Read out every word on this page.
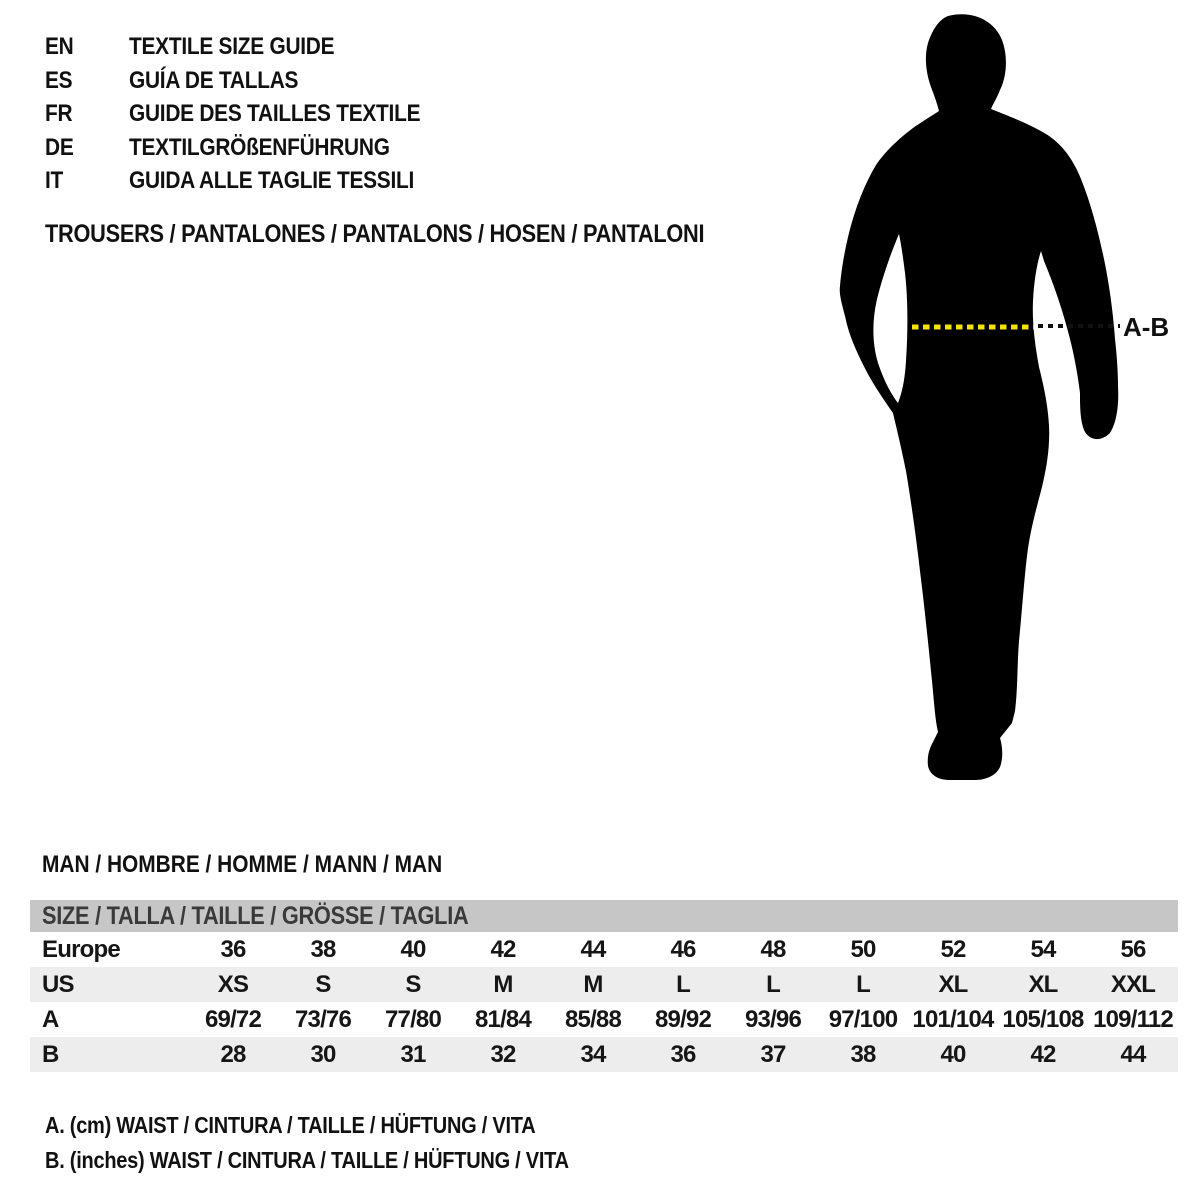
EN	TEXTILE SIZE GUIDE
ES	GUÍA DE TALLAS
FR	GUIDE DES TAILLES TEXTILE
DE	TEXTILGRÖßENFÜHRUNG
IT	GUIDA ALLE TAGLIE TESSILI
TROUSERS / PANTALONES / PANTALONS / HOSEN / PANTALONI
A-B
MAN / HOMBRE / HOMME / MANN / MAN
SIZE / TALLA / TAILLE / GRÖSSE / TAGLIA
Europe	36	38	40	42	44	46	48	50	52	54	56
US	XS	S	S	M	M	L	L	L	XL	XL	XXL
A	69/72	73/76	77/80	81/84	85/88	89/92	93/96	97/100 101/104 105/108 109/112
B	28	30	31	32	34	36	37	38	40	42	44
A. (cm) WAIST / CINTURA / TAILLE / HÜFTUNG / VITA
B. (inches) WAIST / CINTURA / TAILLE / HÜFTUNG / VITA
